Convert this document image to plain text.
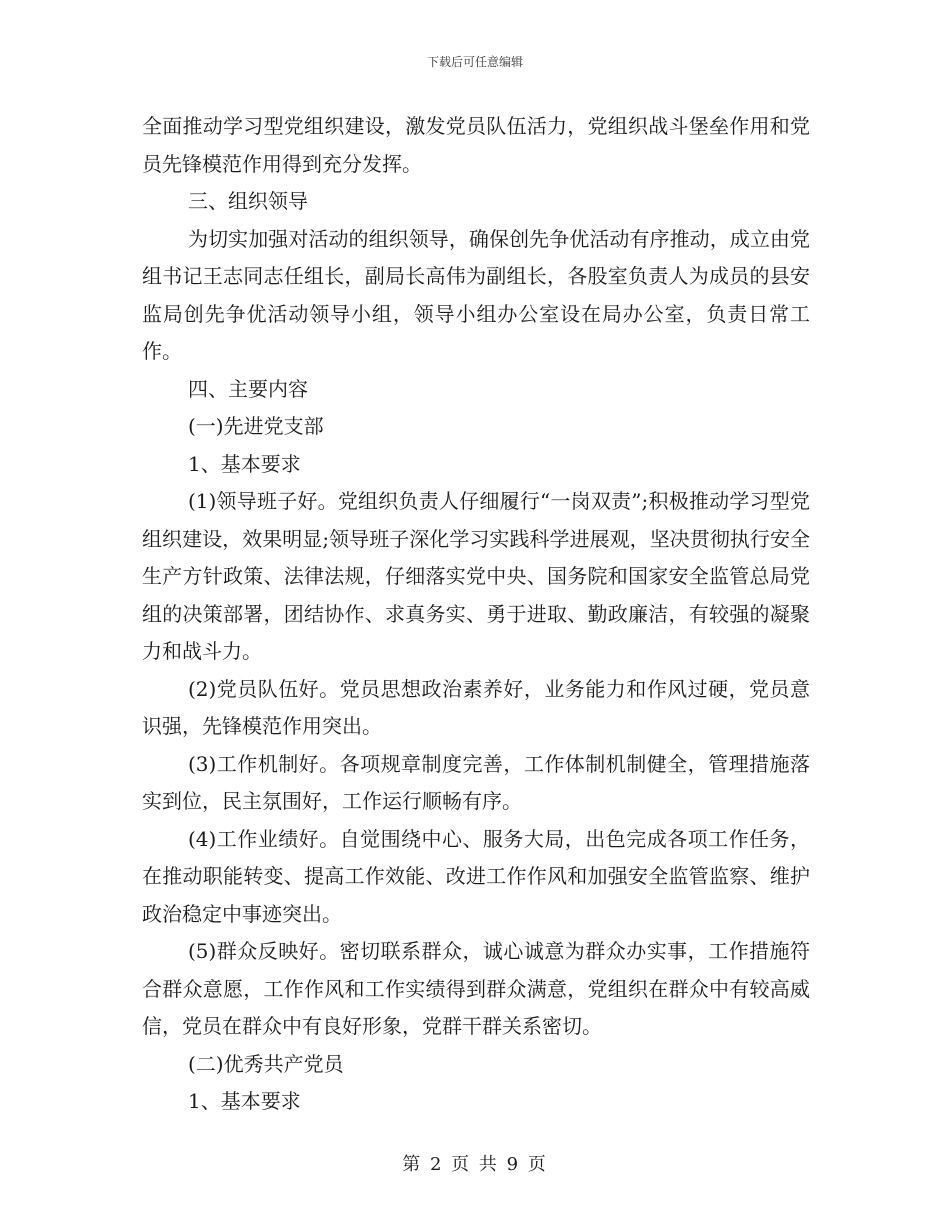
下载后可任意编辑

全面推动学习型党组织建设，激发党员队伍活力，党组织战斗堡垒作用和党员先锋模范作用得到充分发挥。

三、组织领导

为切实加强对活动的组织领导，确保创先争优活动有序推动，成立由党组书记王志同志任组长，副局长高伟为副组长，各股室负责人为成员的县安监局创先争优活动领导小组，领导小组办公室设在局办公室，负责日常工作。

四、主要内容

(一)先进党支部

1、基本要求

(1)领导班子好。党组织负责人仔细履行“一岗双责”;积极推动学习型党组织建设，效果明显;领导班子深化学习实践科学进展观，坚决贯彻执行安全生产方针政策、法律法规，仔细落实党中央、国务院和国家安全监管总局党组的决策部署，团结协作、求真务实、勇于进取、勤政廉洁，有较强的凝聚力和战斗力。

(2)党员队伍好。党员思想政治素养好，业务能力和作风过硬，党员意识强，先锋模范作用突出。

(3)工作机制好。各项规章制度完善，工作体制机制健全，管理措施落实到位，民主氛围好，工作运行顺畅有序。

(4)工作业绩好。自觉围绕中心、服务大局，出色完成各项工作任务，在推动职能转变、提高工作效能、改进工作作风和加强安全监管监察、维护政治稳定中事迹突出。

(5)群众反映好。密切联系群众，诚心诚意为群众办实事，工作措施符合群众意愿，工作作风和工作实绩得到群众满意，党组织在群众中有较高威信，党员在群众中有良好形象，党群干群关系密切。

(二)优秀共产党员

1、基本要求

第 2 页 共 9 页
